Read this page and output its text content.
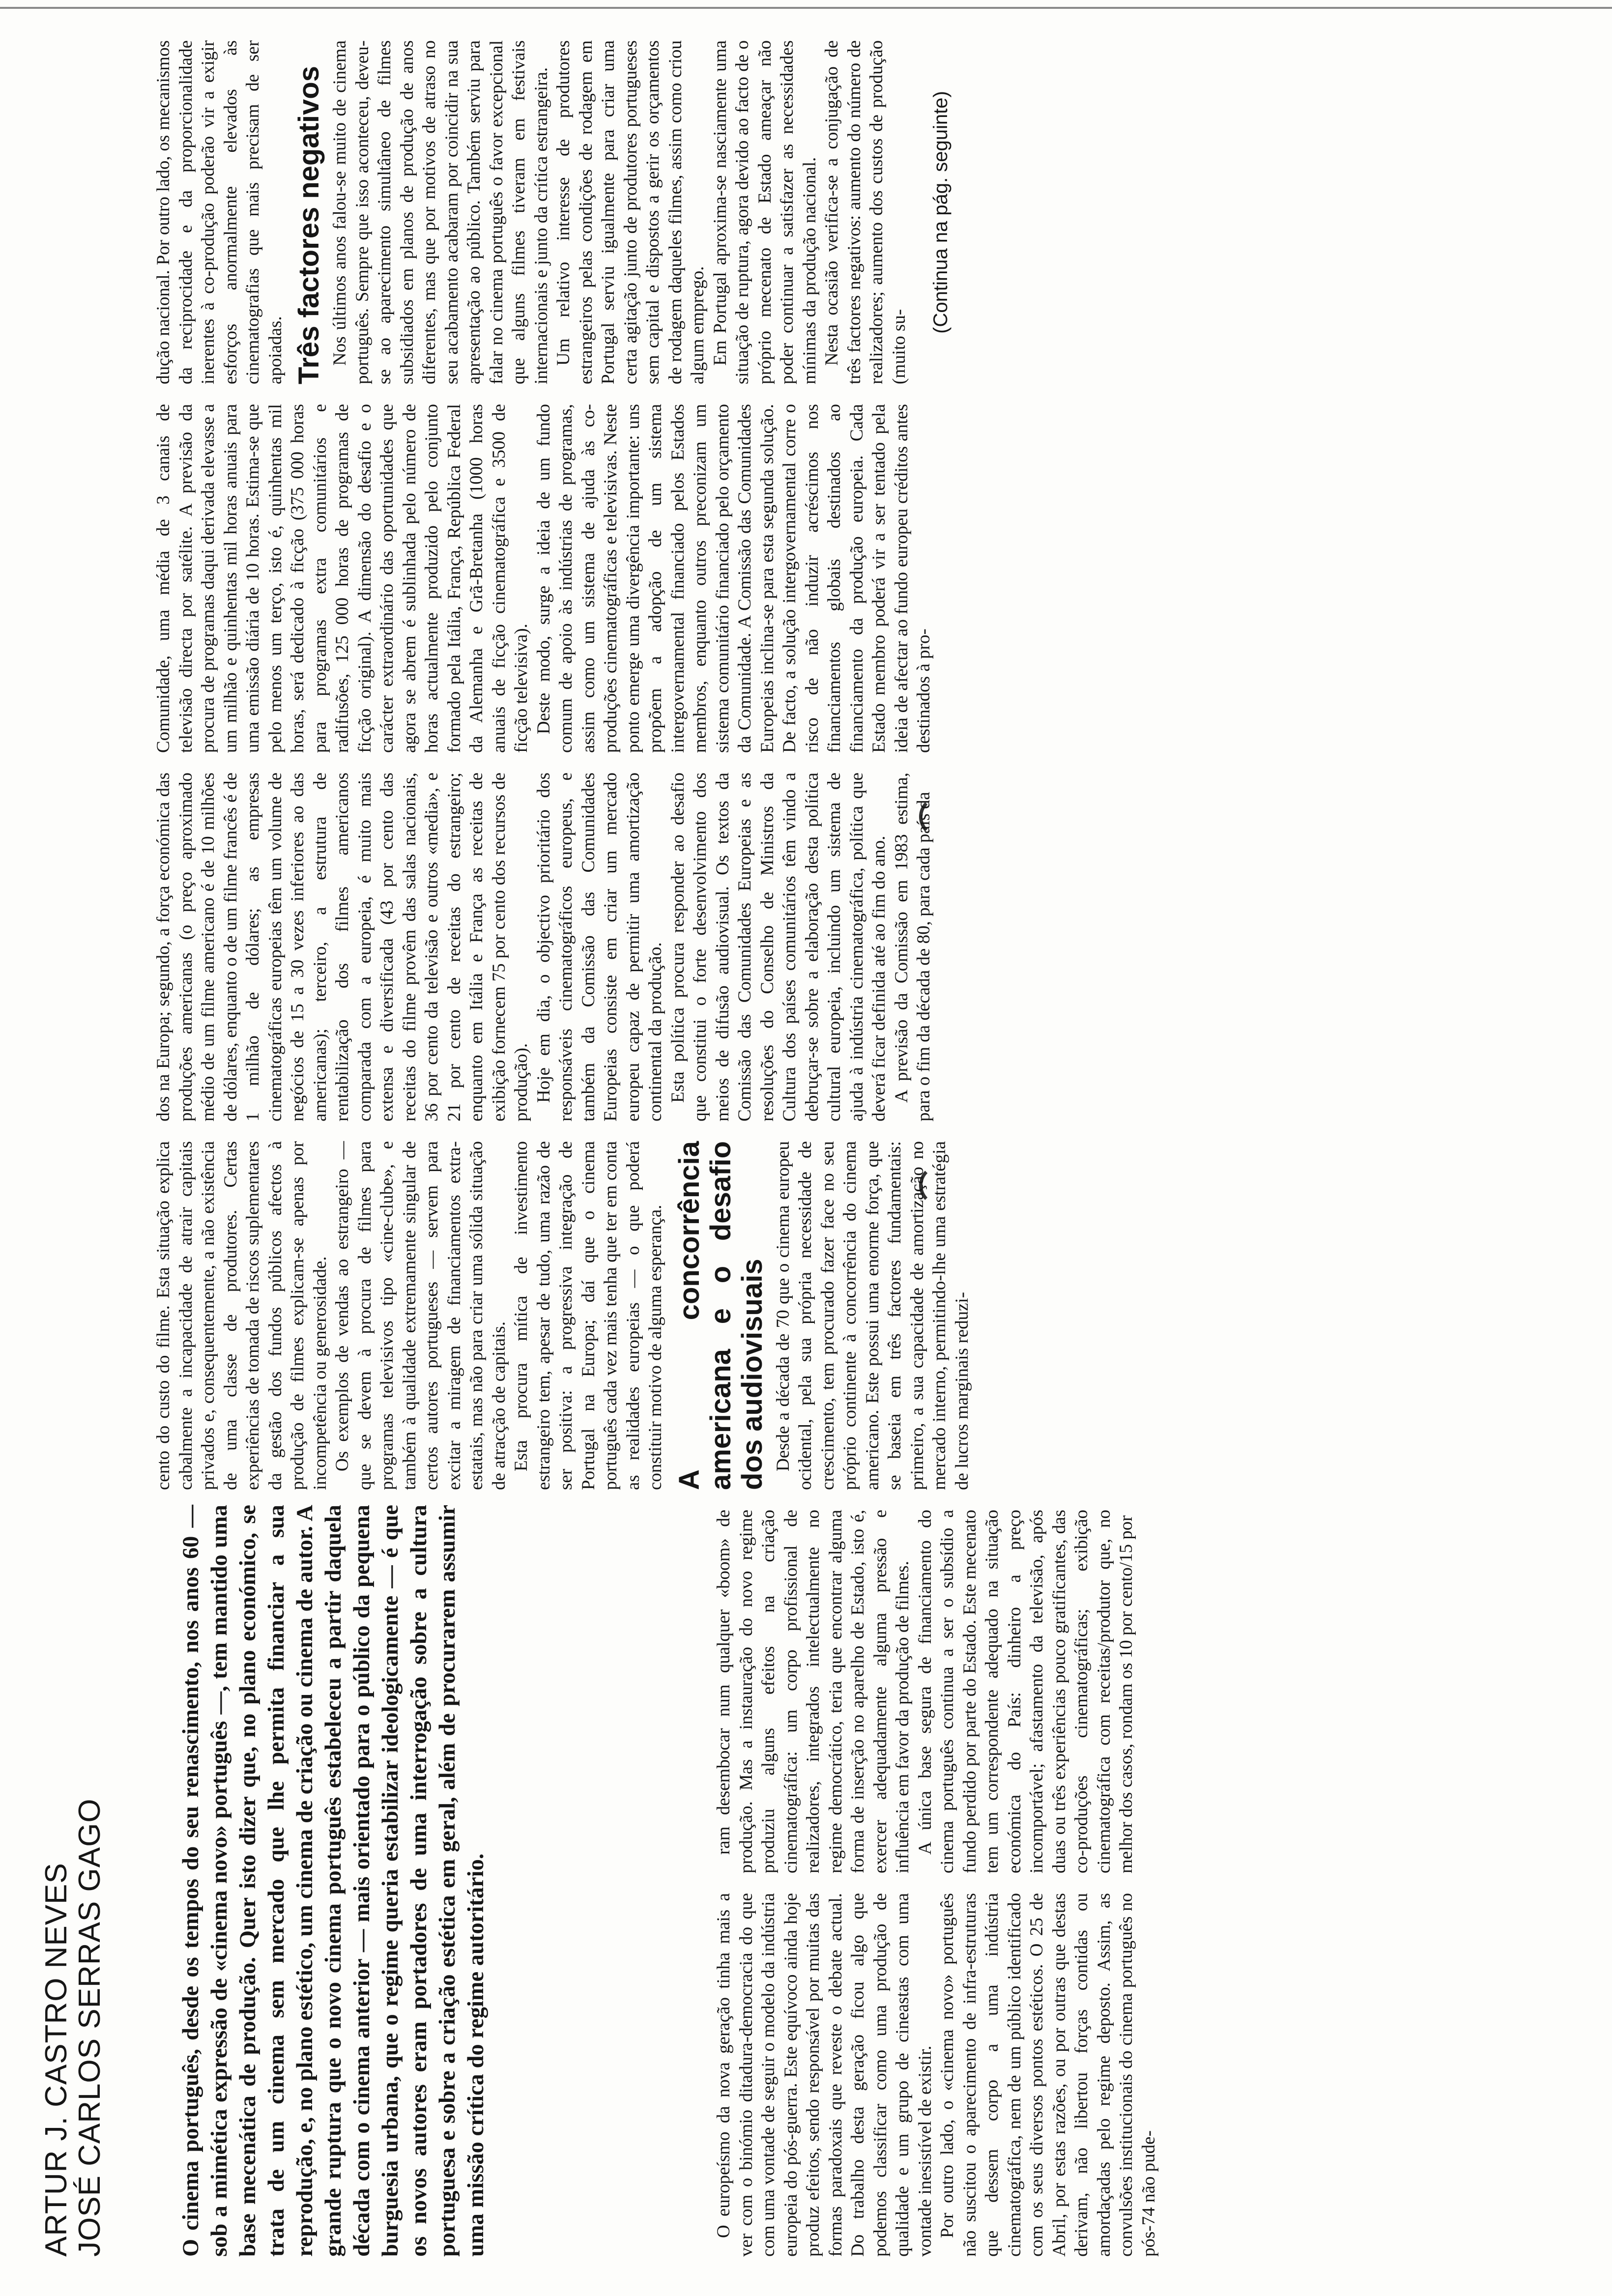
ARTUR J. CASTRO NEVES JOSÉ CARLOS SERRAS GAGO	O cinema português, desde os tempos do seu renascimento, nos anos 60 — sob a mimética expressão de «cinema novo» português —, tem mantido uma base mecenática de produção. Quer isto dizer que, no plano económico, se trata de um cinema sem mercado que lhe permita financiar a sua reprodução, e, no plano estético, um cinema de criação ou cinema de autor. A grande ruptura que o novo cinema português estabeleceu a partir daquela década com o cinema anterior — mais orientado para o público da pequena burguesia urbana, que o regime queria estabilizar ideologicamente — é que os novos autores eram portadores de uma interrogação sobre a cultura portuguesa e sobre a criação estética em geral, além de procurarem assumir uma missão crítica do regime autoritário.	O europeísmo da nova geração tinha mais a ver com o binómio ditadura-democracia do que com uma vontade de seguir o modelo da indústria europeia do pós-guerra. Este equívoco ainda hoje produz efeitos, sendo responsável por muitas das formas paradoxais que reveste o debate actual. Do trabalho desta geração ficou algo que podemos classificar como uma produção de qualidade e um grupo de cineastas com uma vontade inesistível de existir. Por outro lado, o «cinema novo» português não suscitou o aparecimento de infra-estruturas que dessem corpo a uma indústria cinematográfica, nem de um público identificado com os seus diversos pontos estéticos. O 25 de Abril, por estas razões, ou por outras que destas derivam, não libertou forças contidas ou amordaçadas pelo regime deposto. Assim, as convulsões institucionais do cinema português no pós-74 não pude-

ram desembocar num qualquer «boom» de produção. Mas a instauração do novo regime produziu alguns efeitos na criação cinematográfica: um corpo profissional de realizadores, integrados intelectualmente no regime democrático, teria que encontrar alguma forma de inserção no aparelho de Estado, isto é, exercer adequadamente alguma pressão e influência em favor da produção de filmes. A única base segura de financiamento do cinema português continua a ser o subsídio a fundo perdido por parte do Estado. Este mecenato tem um correspondente adequado na situação económica do País: dinheiro a preço incomportável; afastamento da televisão, após duas ou três experiências pouco gratificantes, das co-produções cinematográficas; exibição cinematográfica com receitas/produtor que, no melhor dos casos, rondam os 10 por cento/15 por

cento do custo do filme. Esta situação explica cabalmente a incapacidade de atrair capitais privados e, consequentemente, a não existência de uma classe de produtores. Certas experiências de tomada de riscos suplementares da gestão dos fundos públicos afectos à produção de filmes explicam-se apenas por incompetência ou generosidade. Os exemplos de vendas ao estrangeiro — que se devem à procura de filmes para programas televisivos tipo «cine-clube», e também à qualidade extremamente singular de certos autores portugueses — servem para excitar a miragem de financiamentos extra-estatais, mas não para criar uma sólida situação de atracção de capitais. Esta procura mítica de investimento estrangeiro tem, apesar de tudo, uma razão de ser positiva: a progressiva integração de Portugal na Europa; daí que o cinema português cada vez mais tenha que ter em conta as realidades europeias — o que poderá constituir motivo de alguma esperança. A concorrência americana e o desafio dos audiovisuais Desde a década de 70 que o cinema europeu ocidental, pela sua própria necessidade de crescimento, tem procurado fazer face no seu próprio continente à concorrência do cinema americano. Este possui uma enorme força, que se baseia em três factores fundamentais: primeiro, a sua capacidade de amortização no mercado interno, permitindo-lhe uma estratégia de lucros marginais reduzi-

dos na Europa; segundo, a força económica das produções americanas (o preço aproximado médio de um filme americano é de 10 milhões de dólares, enquanto o de um filme francês é de 1 milhão de dólares; as empresas cinematográficas europeias têm um volume de negócios de 15 a 30 vezes inferiores ao das americanas); terceiro, a estrutura de rentabilização dos filmes americanos comparada com a europeia, é muito mais extensa e diversificada (43 por cento das receitas do filme provêm das salas nacionais, 36 por cento da televisão e outros «media», e 21 por cento de receitas do estrangeiro; enquanto em Itália e França as receitas de exibição fornecem 75 por cento dos recursos de produção). Hoje em dia, o objectivo prioritário dos responsáveis cinematográficos europeus, e também da Comissão das Comunidades Europeias consiste em criar um mercado europeu capaz de permitir uma amortização continental da produção. Esta política procura responder ao desafio que constitui o forte desenvolvimento dos meios de difusão audiovisual. Os textos da Comissão das Comunidades Europeias e as resoluções do Conselho de Ministros da Cultura dos países comunitários têm vindo a debruçar-se sobre a elaboração desta política cultural europeia, incluindo um sistema de ajuda à indústria cinematográfica, política que deverá ficar definida até ao fim do ano. A previsão da Comissão em 1983 estima, para o fim da década de 80, para cada país da

Comunidade, uma média de 3 canais de televisão directa por satélite. A previsão da procura de programas daqui derivada elevasse a um milhão e quinhentas mil horas anuais para uma emissão diária de 10 horas. Estima-se que pelo menos um terço, isto é, quinhentas mil horas, será dedicado à ficção (375 000 horas para programas extra comunitários e radifusões, 125 000 horas de programas de ficção original). A dimensão do desafio e o carácter extraordinário das oportunidades que agora se abrem é sublinhada pelo número de horas actualmente produzido pelo conjunto formado pela Itália, França, República Federal da Alemanha e Grã-Bretanha (1000 horas anuais de ficção cinematográfica e 3500 de ficção televisiva). Deste modo, surge a ideia de um fundo comum de apoio às indústrias de programas, assim como um sistema de ajuda às co-produções cinematográficas e televisivas. Neste ponto emerge uma divergência importante: uns propõem a adopção de um sistema intergovernamental financiado pelos Estados membros, enquanto outros preconizam um sistema comunitário financiado pelo orçamento da Comunidade. A Comissão das Comunidades Europeias inclina-se para esta segunda solução. De facto, a solução intergovernamental corre o risco de não induzir acréscimos nos financiamentos globais destinados ao financiamento da produção europeia. Cada Estado membro poderá vir a ser tentado pela ideia de afectar ao fundo europeu créditos antes destinados à pro-

dução nacional. Por outro lado, os mecanismos da reciprocidade e da proporcionalidade inerentes à co-produção poderão vir a exigir esforços anormalmente elevados às cinematografias que mais precisam de ser apoiadas. Três factores negativos Nos últimos anos falou-se muito de cinema português. Sempre que isso aconteceu, deveu-se ao aparecimento simultâneo de filmes subsidiados em planos de produção de anos diferentes, mas que por motivos de atraso no seu acabamento acabaram por coincidir na sua apresentação ao público. Também serviu para falar no cinema português o favor excepcional que alguns filmes tiveram em festivais internacionais e junto da crítica estrangeira. Um relativo interesse de produtores estrangeiros pelas condições de rodagem em Portugal serviu igualmente para criar uma certa agitação junto de produtores portugueses sem capital e dispostos a gerir os orçamentos de rodagem daqueles filmes, assim como criou algum emprego. Em Portugal aproxima-se nasciamente uma situação de ruptura, agora devido ao facto de o próprio mecenato de Estado ameaçar não poder continuar a satisfazer as necessidades mínimas da produção nacional. Nesta ocasião verifica-se a conjugação de três factores negativos: aumento do número de realizadores; aumento dos custos de produção (muito su-

(Continua na pág. seguinte)
